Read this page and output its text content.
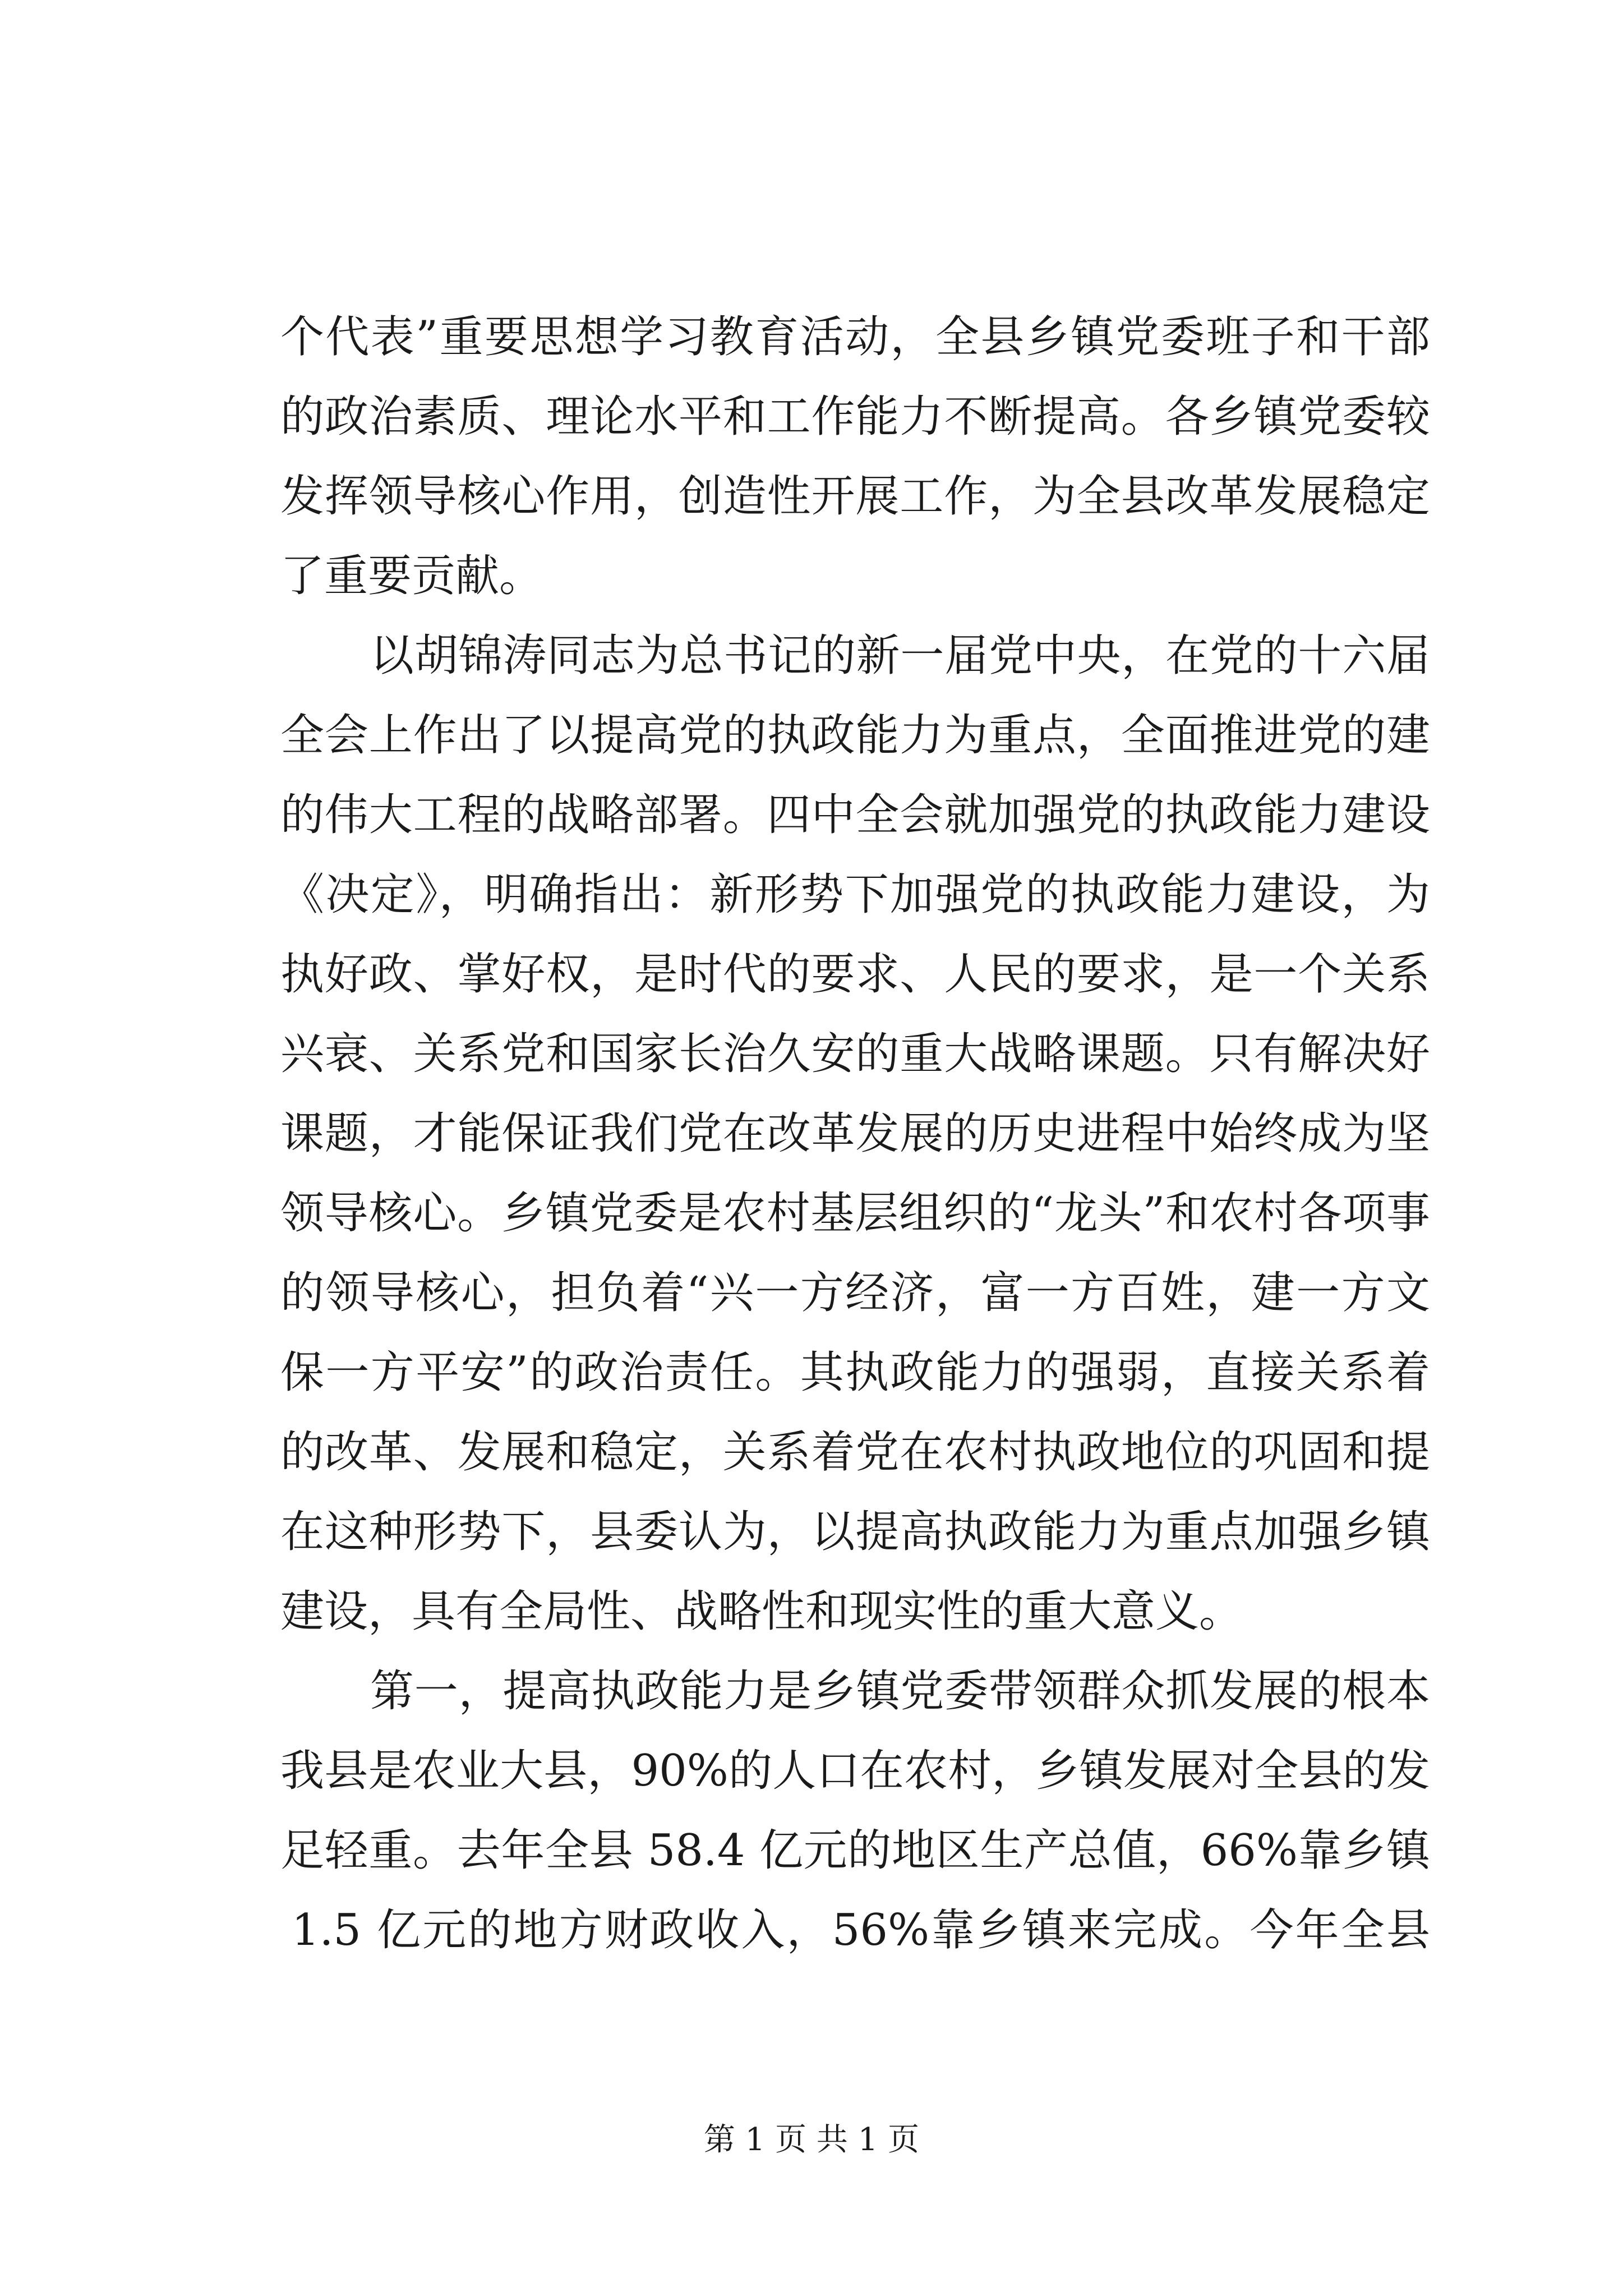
个代表”重要思想学习教育活动，全县乡镇党委班子和干部
的政治素质、理论水平和工作能力不断提高。各乡镇党委较
发挥领导核心作用，创造性开展工作，为全县改革发展稳定
了重要贡献。
以胡锦涛同志为总书记的新一届党中央，在党的十六届
全会上作出了以提高党的执政能力为重点，全面推进党的建
的伟大工程的战略部署。四中全会就加强党的执政能力建设
《决定》，明确指出：新形势下加强党的执政能力建设，为
执好政、掌好权，是时代的要求、人民的要求，是一个关系
兴衰、关系党和国家长治久安的重大战略课题。只有解决好
课题，才能保证我们党在改革发展的历史进程中始终成为坚
领导核心。乡镇党委是农村基层组织的“龙头”和农村各项事
的领导核心，担负着“兴一方经济，富一方百姓，建一方文
保一方平安”的政治责任。其执政能力的强弱，直接关系着
的改革、发展和稳定，关系着党在农村执政地位的巩固和提
在这种形势下，县委认为，以提高执政能力为重点加强乡镇
建设，具有全局性、战略性和现实性的重大意义。
第一，提高执政能力是乡镇党委带领群众抓发展的根本
我县是农业大县，90%的人口在农村，乡镇发展对全县的发
足轻重。去年全县 58.4 亿元的地区生产总值，66%靠乡镇
1.5 亿元的地方财政收入，56%靠乡镇来完成。今年全县
第 1 页 共 1 页
